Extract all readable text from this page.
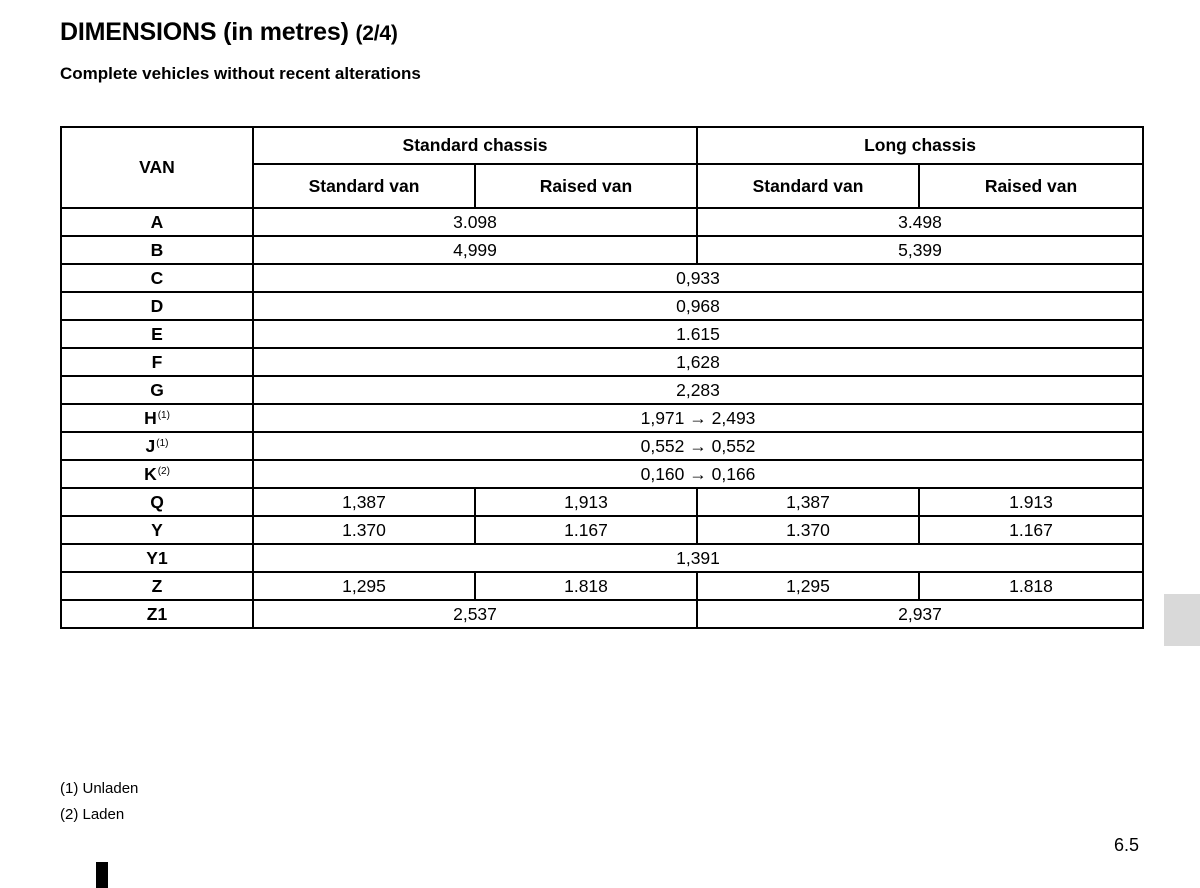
DIMENSIONS (in metres) (2/4)
Complete vehicles without recent alterations
VAN	Standard chassis		Long chassis	
	Standard van	Raised van	Standard van	Raised van
A	3.098		3.498	
B	4,999		5,399	
C	0,933			
D	0,968			
E	1.615			
F	1,628			
G	2,283			
$H^{(1)}$	1,971 → 2,493			
$J^{(1)}$	0,552 → 0,552			
$K^{(2)}$	0,160 → 0,166			
Q	1,387	1,913	1,387	1.913
Y	1.370	1.167	1.370	1.167
Y1	1,391			
Z	1,295	1.818	1,295	1.818
Z1	2,537		2,937	
(1) Unladen
(2) Laden
6.5
